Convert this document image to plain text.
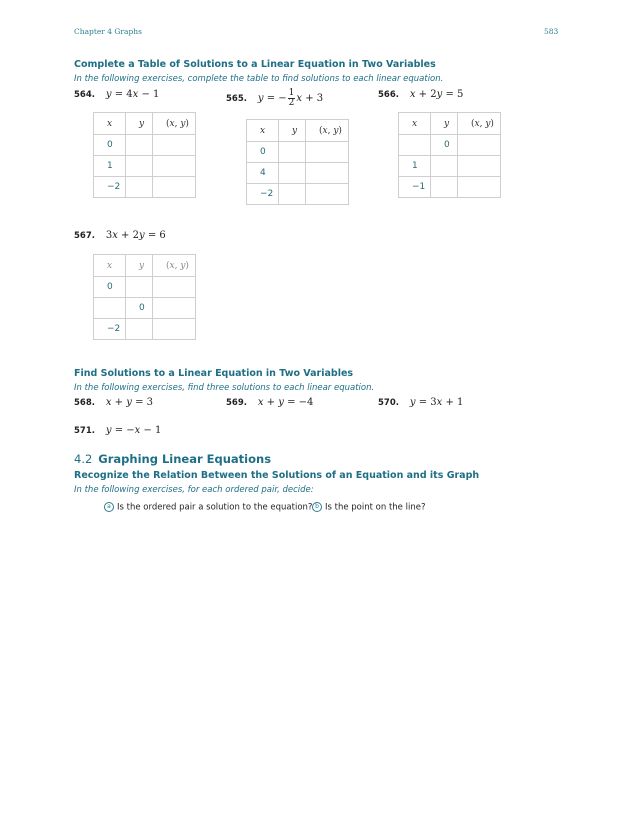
Chapter 4 Graphs	583
Complete a Table of Solutions to a Linear Equation in Two Variables
In the following exercises, complete the table to find solutions to each linear equation.
564. y = 4x − 1
x	y	(x, y)
0		
1		
−2		
565. y = − $\frac{1}{2}$ x + 3
x	y	(x, y)
0		
4		
−2		
566. x + 2y = 5
x	y	(x, y)
	0	
1		
−1		
567. 3x + 2y = 6
x	y	(x, y)
0		
	0	
−2		
Find Solutions to a Linear Equation in Two Variables
In the following exercises, find three solutions to each linear equation.
568. x + y = 3	569. x + y = −4	570. y = 3x + 1
571. y = −x − 1
4.2 Graphing Linear Equations
Recognize the Relation Between the Solutions of an Equation and its Graph
In the following exercises, for each ordered pair, decide:
a Is the ordered pair a solution to the equation? b Is the point on the line?
